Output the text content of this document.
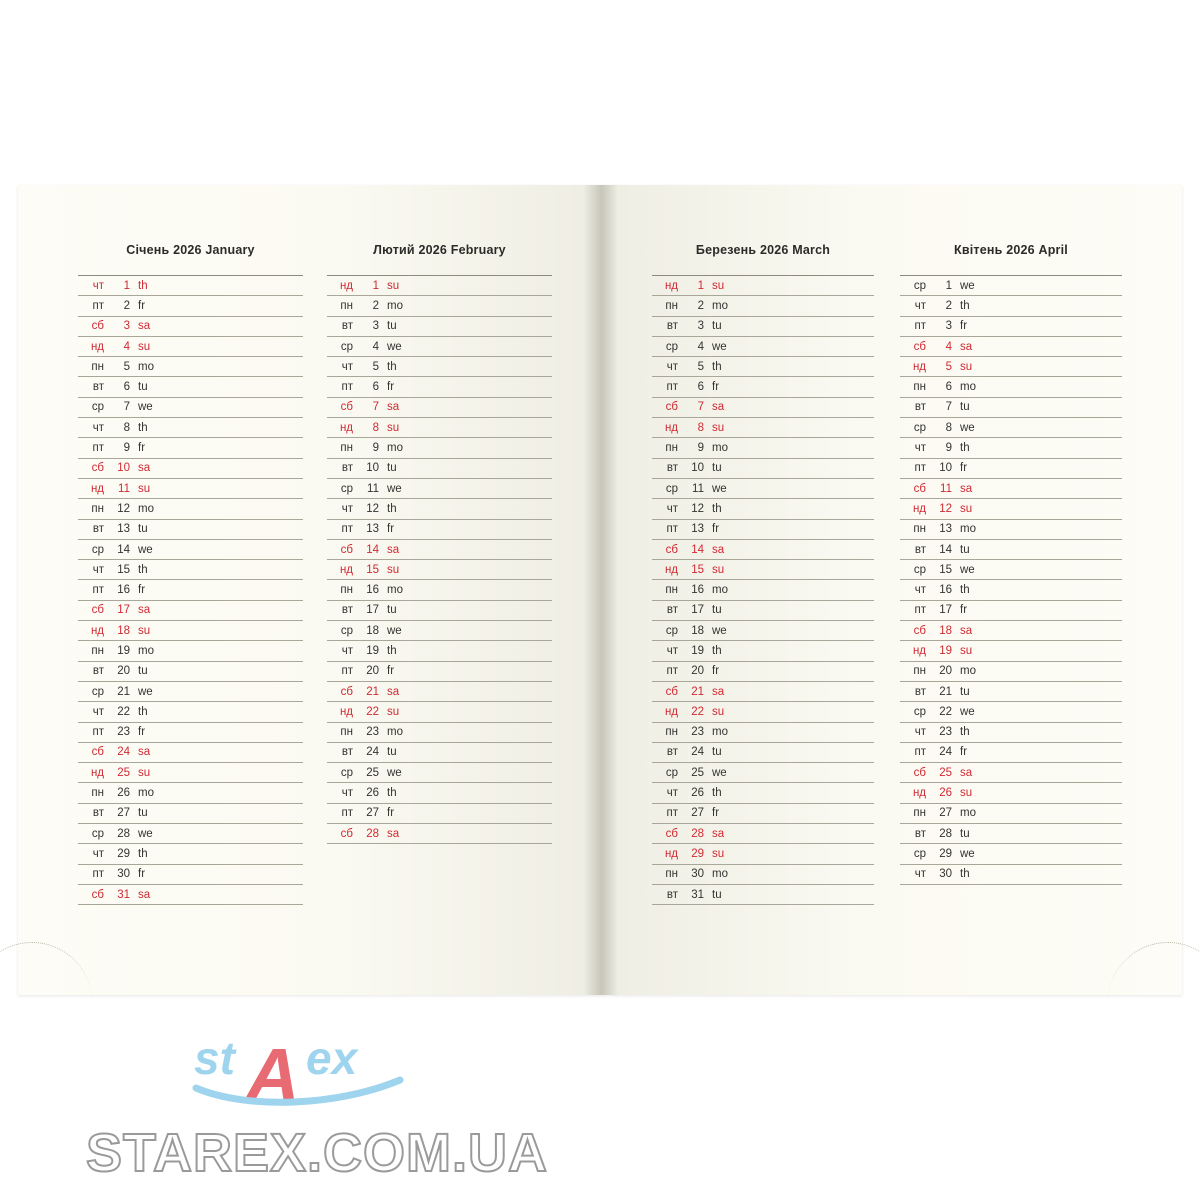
Січень 2026 January
чт	1 th
пт	2 fr
сб	3 sa
нд	4 su
пн	5 mo
вт	6 tu
ср	7 we
чт	8 th
пт	9 fr
сб	10 sa
нд	11 su
пн	12 mo
вт	13 tu
ср	14 we
чт	15 th
пт	16 fr
сб	17 sa
нд	18 su
пн	19 mo
вт	20 tu
ср	21 we
чт	22 th
пт	23 fr
сб	24 sa
нд	25 su
пн	26 mo
вт	27 tu
ср	28 we
чт	29 th
пт	30 fr
сб	31 sa
Лютий 2026 February
нд	1 su
пн	2 mo
вт	3 tu
ср	4 we
чт	5 th
пт	6 fr
сб	7 sa
нд	8 su
пн	9 mo
вт	10 tu
ср	11 we
чт	12 th
пт	13 fr
сб	14 sa
нд	15 su
пн	16 mo
вт	17 tu
ср	18 we
чт	19 th
пт	20 fr
сб	21 sa
нд	22 su
пн	23 mo
вт	24 tu
ср	25 we
чт	26 th
пт	27 fr
сб	28 sa
Березень 2026 March
нд	1 su
пн	2 mo
вт	3 tu
ср	4 we
чт	5 th
пт	6 fr
сб	7 sa
нд	8 su
пн	9 mo
вт	10 tu
ср	11 we
чт	12 th
пт	13 fr
сб	14 sa
нд	15 su
пн	16 mo
вт	17 tu
ср	18 we
чт	19 th
пт	20 fr
сб	21 sa
нд	22 su
пн	23 mo
вт	24 tu
ср	25 we
чт	26 th
пт	27 fr
сб	28 sa
нд	29 su
пн	30 mo
вт	31 tu
Квітень 2026 April
ср	1 we
чт	2 th
пт	3 fr
сб	4 sa
нд	5 su
пн	6 mo
вт	7 tu
ср	8 we
чт	9 th
пт	10 fr
сб	11 sa
нд	12 su
пн	13 mo
вт	14 tu
ср	15 we
чт	16 th
пт	17 fr
сб	18 sa
нд	19 su
пн	20 mo
вт	21 tu
ср	22 we
чт	23 th
пт	24 fr
сб	25 sa
нд	26 su
пн	27 mo
вт	28 tu
ср	29 we
чт	30 th
st ex
A
STAREX.COM.UA
